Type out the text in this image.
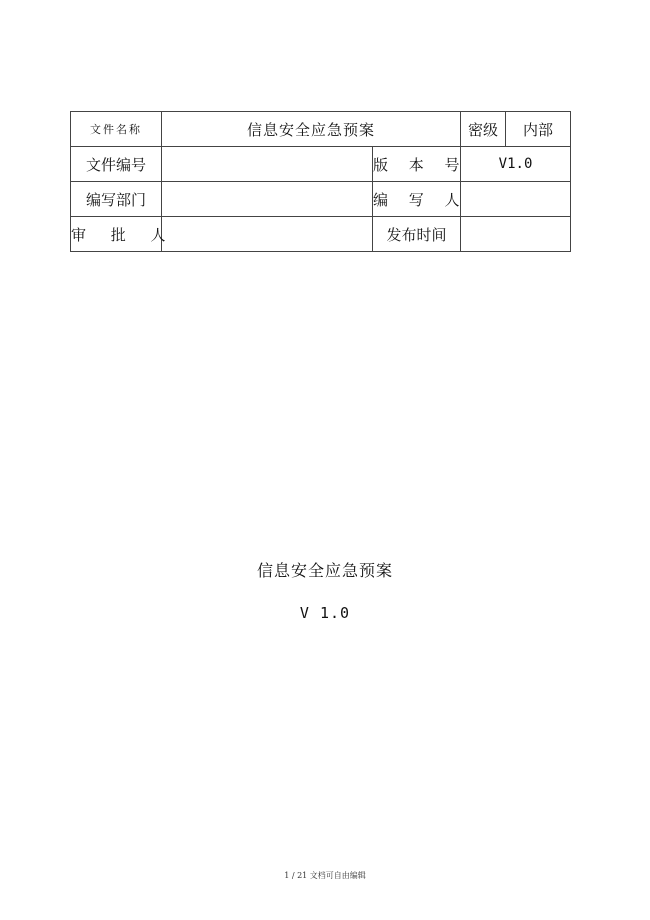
文件名称	信息安全应急预案		密级	内部
文件编号		版 本 号	V1.0	
编写部门		编 写 人		
审 批 人		发布时间		
信息安全应急预案
V 1.0
1 / 21 文档可自由编辑
